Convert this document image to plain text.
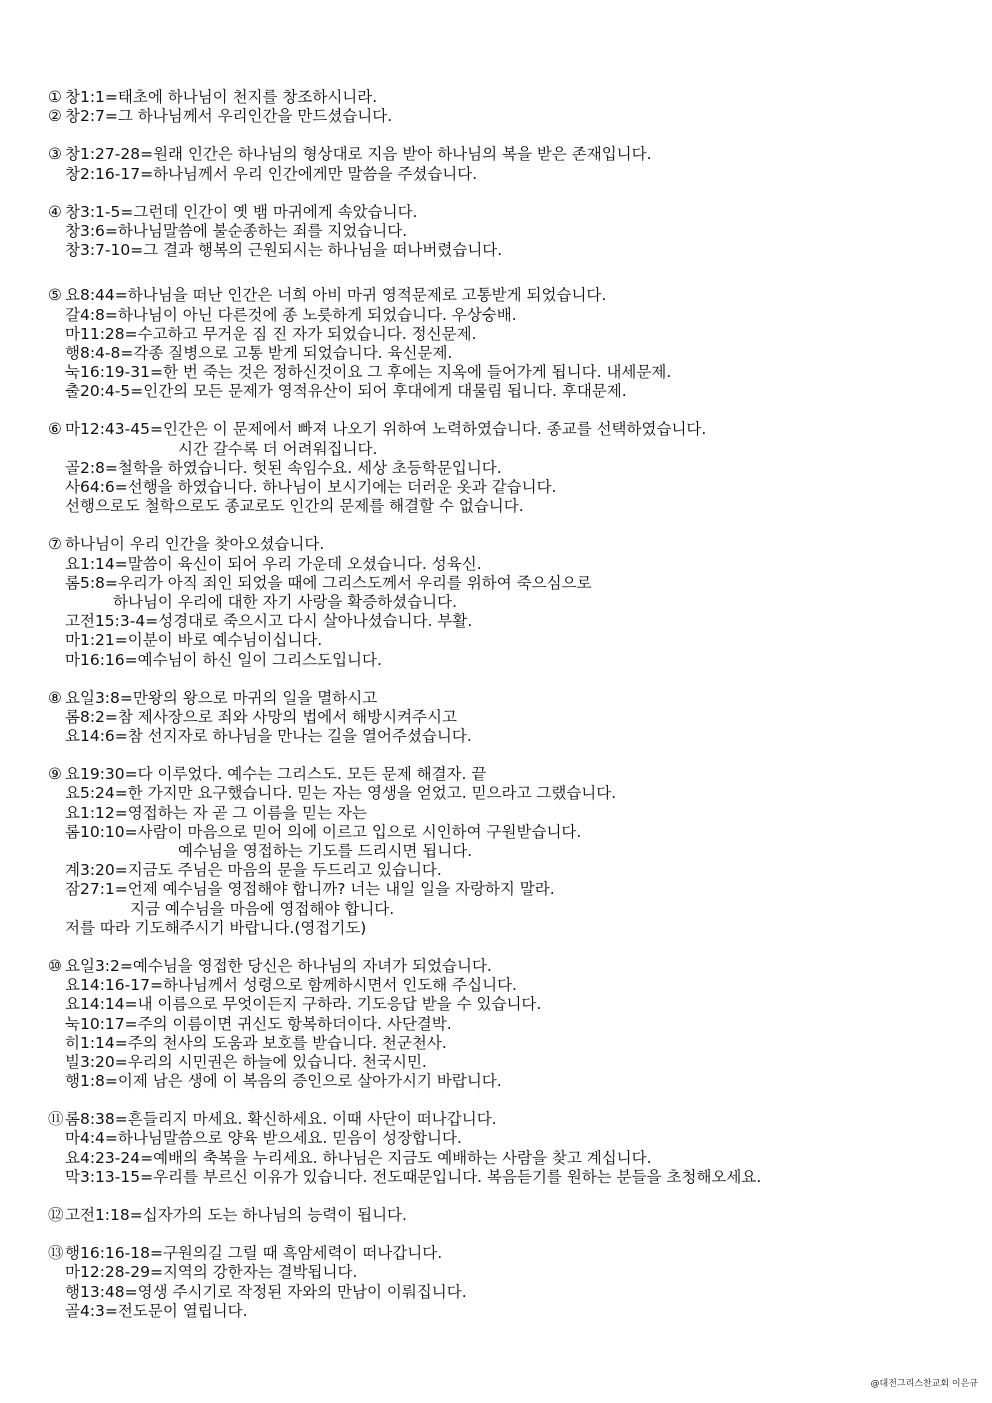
① 창1:1=태초에 하나님이 천지를 창조하시니라.
② 창2:7=그 하나님께서 우리인간을 만드셨습니다.
③ 창1:27-28=원래 인간은 하나님의 형상대로 지음 받아 하나님의 복을 받은 존재입니다.
창2:16-17=하나님께서 우리 인간에게만 말씀을 주셨습니다.
④ 창3:1-5=그런데 인간이 옛 뱀 마귀에게 속았습니다.
창3:6=하나님말씀에 불순종하는 죄를 지었습니다.
창3:7-10=그 결과 행복의 근원되시는 하나님을 떠나버렸습니다.
⑤ 요8:44=하나님을 떠난 인간은 너희 아비 마귀 영적문제로 고통받게 되었습니다.
갈4:8=하나님이 아닌 다른것에 종 노릇하게 되었습니다. 우상숭배.
마11:28=수고하고 무거운 짐 진 자가 되었습니다. 정신문제.
행8:4-8=각종 질병으로 고통 받게 되었습니다. 육신문제.
눅16:19-31=한 번 죽는 것은 정하신것이요 그 후에는 지옥에 들어가게 됩니다. 내세문제.
출20:4-5=인간의 모든 문제가 영적유산이 되어 후대에게 대물림 됩니다. 후대문제.
⑥ 마12:43-45=인간은 이 문제에서 빠져 나오기 위하여 노력하였습니다. 종교를 선택하였습니다.
시간 갈수록 더 어려워집니다.
골2:8=철학을 하였습니다. 헛된 속임수요. 세상 초등학문입니다.
사64:6=선행을 하였습니다. 하나님이 보시기에는 더러운 옷과 같습니다.
선행으로도 철학으로도 종교로도 인간의 문제를 해결할 수 없습니다.
⑦ 하나님이 우리 인간을 찾아오셨습니다.
요1:14=말씀이 육신이 되어 우리 가운데 오셨습니다. 성육신.
롬5:8=우리가 아직 죄인 되었을 때에 그리스도께서 우리를 위하여 죽으심으로
하나님이 우리에 대한 자기 사랑을 확증하셨습니다.
고전15:3-4=성경대로 죽으시고 다시 살아나셨습니다. 부활.
마1:21=이분이 바로 예수님이십니다.
마16:16=예수님이 하신 일이 그리스도입니다.
⑧ 요일3:8=만왕의 왕으로 마귀의 일을 멸하시고
롬8:2=참 제사장으로 죄와 사망의 법에서 해방시켜주시고
요14:6=참 선지자로 하나님을 만나는 길을 열어주셨습니다.
⑨ 요19:30=다 이루었다. 예수는 그리스도. 모든 문제 해결자. 끝
요5:24=한 가지만 요구했습니다. 믿는 자는 영생을 얻었고. 믿으라고 그랬습니다.
요1:12=영접하는 자 곧 그 이름을 믿는 자는
롬10:10=사람이 마음으로 믿어 의에 이르고 입으로 시인하여 구원받습니다.
예수님을 영접하는 기도를 드리시면 됩니다.
계3:20=지금도 주님은 마음의 문을 두드리고 있습니다.
잠27:1=언제 예수님을 영접해야 합니까? 너는 내일 일을 자랑하지 말라.
지금 예수님을 마음에 영접해야 합니다.
저를 따라 기도해주시기 바랍니다.(영접기도)
⑩ 요일3:2=예수님을 영접한 당신은 하나님의 자녀가 되었습니다.
요14:16-17=하나님께서 성령으로 함께하시면서 인도해 주십니다.
요14:14=내 이름으로 무엇이든지 구하라. 기도응답 받을 수 있습니다.
눅10:17=주의 이름이면 귀신도 항복하더이다. 사단결박.
히1:14=주의 천사의 도움과 보호를 받습니다. 천군천사.
빌3:20=우리의 시민권은 하늘에 있습니다. 천국시민.
행1:8=이제 남은 생에 이 복음의 증인으로 살아가시기 바랍니다.
⑪롬8:38=흔들리지 마세요. 확신하세요. 이때 사단이 떠나갑니다.
마4:4=하나님말씀으로 양육 받으세요. 믿음이 성장합니다.
요4:23-24=예배의 축복을 누리세요. 하나님은 지금도 예배하는 사람을 찾고 계십니다.
막3:13-15=우리를 부르신 이유가 있습니다. 전도때문입니다. 복음듣기를 원하는 분들을 초청해오세요.
⑫고전1:18=십자가의 도는 하나님의 능력이 됩니다.
⑬행16:16-18=구원의길 그릴 때 흑암세력이 떠나갑니다.
마12:28-29=지역의 강한자는 결박됩니다.
행13:48=영생 주시기로 작정된 자와의 만남이 이뤄집니다.
골4:3=전도문이 열립니다.
@대전그리스찬교회 이은규
